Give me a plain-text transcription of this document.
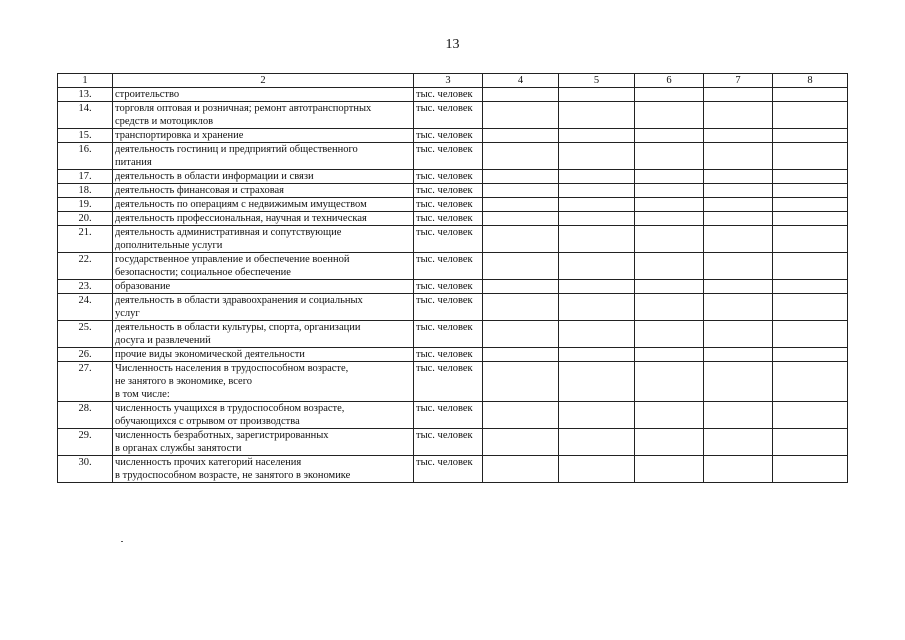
13
1	2	3	4	5	6	7	8
13.	строительство	тыс. человек					
14.	торговля оптовая и розничная; ремонт автотранспортных
средств и мотоциклов	тыс. человек					
15.	транспортировка и хранение	тыс. человек					
16.	деятельность гостиниц и предприятий общественного
питания	тыс. человек					
17.	деятельность в области информации и связи	тыс. человек					
18.	деятельность финансовая и страховая	тыс. человек					
19.	деятельность по операциям с недвижимым имуществом	тыс. человек					
20.	деятельность профессиональная, научная и техническая	тыс. человек					
21.	деятельность административная и сопутствующие
дополнительные услуги	тыс. человек					
22.	государственное управление и обеспечение военной
безопасности; социальное обеспечение	тыс. человек					
23.	образование	тыс. человек					
24.	деятельность в области здравоохранения и социальных
услуг	тыс. человек					
25.	деятельность в области культуры, спорта, организации
досуга и развлечений	тыс. человек					
26.	прочие виды экономической деятельности	тыс. человек					
27.	Численность населения в трудоспособном возрасте,
не занятого в экономике, всего
в том числе:	тыс. человек					
28.	численность учащихся в трудоспособном возрасте,
обучающихся с отрывом от производства	тыс. человек					
29.	численность безработных, зарегистрированных
в органах службы занятости	тыс. человек					
30.	численность прочих категорий населения
в трудоспособном возрасте, не занятого в экономике	тыс. человек					
